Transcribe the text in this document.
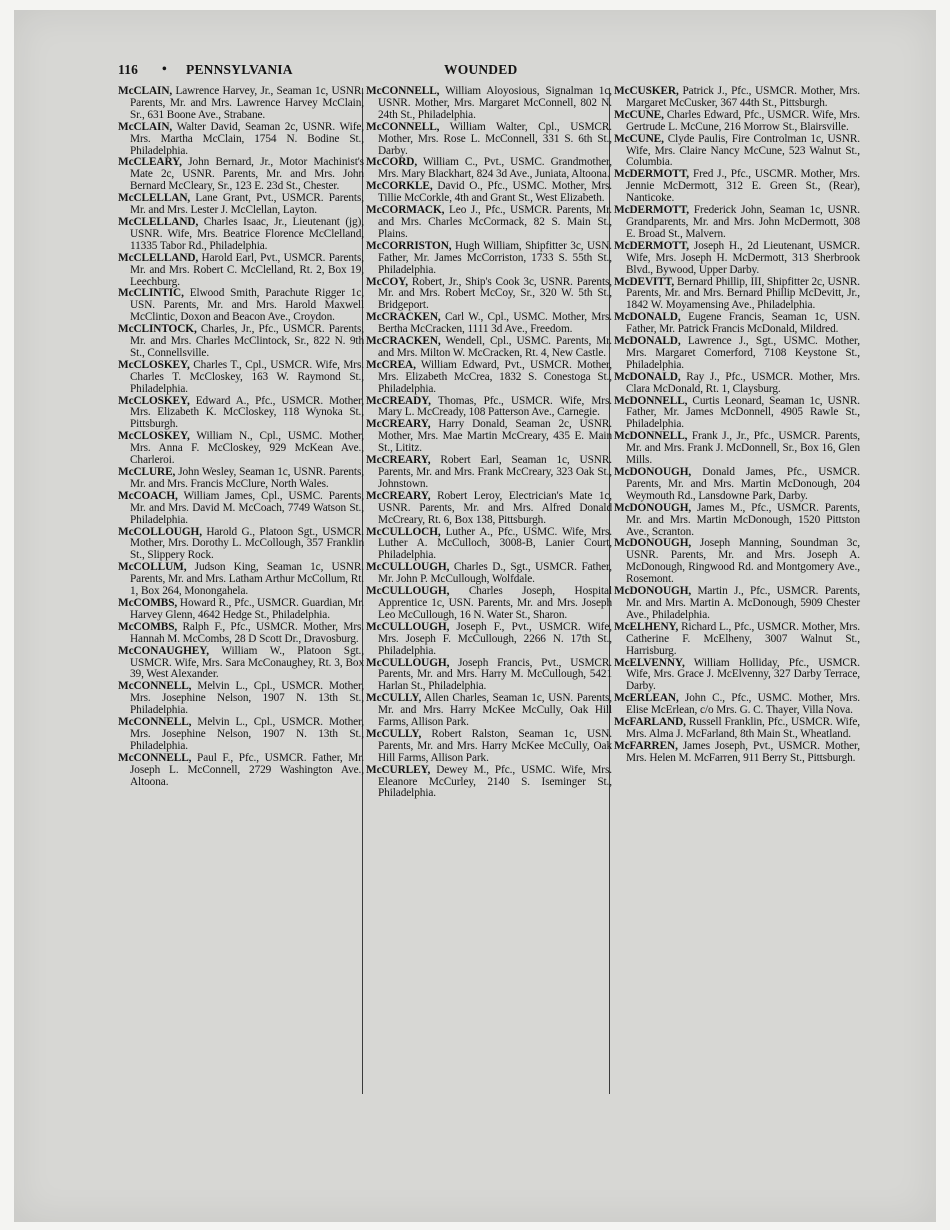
116 • PENNSYLVANIA	WOUNDED

McCLAIN, Lawrence Harvey, Jr., Seaman 1c, USNR. Parents, Mr. and Mrs. Lawrence Harvey McClain, Sr., 631 Boone Ave., Strabane.

McCLAIN, Walter David, Seaman 2c, USNR. Wife, Mrs. Martha McClain, 1754 N. Bodine St., Philadelphia.

McCLEARY, John Bernard, Jr., Motor Machinist's Mate 2c, USNR. Parents, Mr. and Mrs. John Bernard McCleary, Sr., 123 E. 23d St., Chester.

McCLELLAN, Lane Grant, Pvt., USMCR. Parents, Mr. and Mrs. Lester J. McClellan, Layton.

McCLELLAND, Charles Isaac, Jr., Lieutenant (jg), USNR. Wife, Mrs. Beatrice Florence McClelland, 11335 Tabor Rd., Philadelphia.

McCLELLAND, Harold Earl, Pvt., USMCR. Parents, Mr. and Mrs. Robert C. McClelland, Rt. 2, Box 19, Leechburg.

McCLINTIC, Elwood Smith, Parachute Rigger 1c, USN. Parents, Mr. and Mrs. Harold Maxwell McClintic, Doxon and Beacon Ave., Croydon.

McCLINTOCK, Charles, Jr., Pfc., USMCR. Parents, Mr. and Mrs. Charles McClintock, Sr., 822 N. 9th St., Connellsville.

McCLOSKEY, Charles T., Cpl., USMCR. Wife, Mrs. Charles T. McCloskey, 163 W. Raymond St., Philadelphia.

McCLOSKEY, Edward A., Pfc., USMCR. Mother, Mrs. Elizabeth K. McCloskey, 118 Wynoka St., Pittsburgh.

McCLOSKEY, William N., Cpl., USMC. Mother, Mrs. Anna F. McCloskey, 929 McKean Ave., Charleroi.

McCLURE, John Wesley, Seaman 1c, USNR. Parents, Mr. and Mrs. Francis McClure, North Wales.

McCOACH, William James, Cpl., USMC. Parents, Mr. and Mrs. David M. McCoach, 7749 Watson St., Philadelphia.

McCOLLOUGH, Harold G., Platoon Sgt., USMCR. Mother, Mrs. Dorothy L. McCollough, 357 Franklin St., Slippery Rock.

McCOLLUM, Judson King, Seaman 1c, USNR. Parents, Mr. and Mrs. Latham Arthur McCollum, Rt. 1, Box 264, Monongahela.

McCOMBS, Howard R., Pfc., USMCR. Guardian, Mr. Harvey Glenn, 4642 Hedge St., Philadelphia.

McCOMBS, Ralph F., Pfc., USMCR. Mother, Mrs. Hannah M. McCombs, 28 D Scott Dr., Dravosburg.

McCONAUGHEY, William W., Platoon Sgt., USMCR. Wife, Mrs. Sara McConaughey, Rt. 3, Box 39, West Alexander.

McCONNELL, Melvin L., Cpl., USMCR. Mother, Mrs. Josephine Nelson, 1907 N. 13th St., Philadelphia.

McCONNELL, Melvin L., Cpl., USMCR. Mother, Mrs. Josephine Nelson, 1907 N. 13th St., Philadelphia.

McCONNELL, Paul F., Pfc., USMCR. Father, Mr. Joseph L. McConnell, 2729 Washington Ave., Altoona.

McCONNELL, William Aloyosious, Signalman 1c, USNR. Mother, Mrs. Margaret McConnell, 802 N. 24th St., Philadelphia.

McCONNELL, William Walter, Cpl., USMCR. Mother, Mrs. Rose L. McConnell, 331 S. 6th St., Darby.

McCORD, William C., Pvt., USMC. Grandmother, Mrs. Mary Blackhart, 824 3d Ave., Juniata, Altoona.

McCORKLE, David O., Pfc., USMC. Mother, Mrs. Tillie McCorkle, 4th and Grant St., West Elizabeth.

McCORMACK, Leo J., Pfc., USMCR. Parents, Mr. and Mrs. Charles McCormack, 82 S. Main St., Plains.

McCORRISTON, Hugh William, Shipfitter 3c, USN. Father, Mr. James McCorriston, 1733 S. 55th St., Philadelphia.

McCOY, Robert, Jr., Ship's Cook 3c, USNR. Parents, Mr. and Mrs. Robert McCoy, Sr., 320 W. 5th St., Bridgeport.

McCRACKEN, Carl W., Cpl., USMC. Mother, Mrs. Bertha McCracken, 1111 3d Ave., Freedom.

McCRACKEN, Wendell, Cpl., USMC. Parents, Mr. and Mrs. Milton W. McCracken, Rt. 4, New Castle.

McCREA, William Edward, Pvt., USMCR. Mother, Mrs. Elizabeth McCrea, 1832 S. Conestoga St., Philadelphia.

McCREADY, Thomas, Pfc., USMCR. Wife, Mrs. Mary L. McCready, 108 Patterson Ave., Carnegie.

McCREARY, Harry Donald, Seaman 2c, USNR. Mother, Mrs. Mae Martin McCreary, 435 E. Main St., Lititz.

McCREARY, Robert Earl, Seaman 1c, USNR. Parents, Mr. and Mrs. Frank McCreary, 323 Oak St., Johnstown.

McCREARY, Robert Leroy, Electrician's Mate 1c, USNR. Parents, Mr. and Mrs. Alfred Donald McCreary, Rt. 6, Box 138, Pittsburgh.

McCULLOCH, Luther A., Pfc., USMC. Wife, Mrs. Luther A. McCulloch, 3008-B, Lanier Court, Philadelphia.

McCULLOUGH, Charles D., Sgt., USMCR. Father, Mr. John P. McCullough, Wolfdale.

McCULLOUGH, Charles Joseph, Hospital Apprentice 1c, USN. Parents, Mr. and Mrs. Joseph Leo McCullough, 16 N. Water St., Sharon.

McCULLOUGH, Joseph F., Pvt., USMCR. Wife, Mrs. Joseph F. McCullough, 2266 N. 17th St., Philadelphia.

McCULLOUGH, Joseph Francis, Pvt., USMCR. Parents, Mr. and Mrs. Harry M. McCullough, 5421 Harlan St., Philadelphia.

McCULLY, Allen Charles, Seaman 1c, USN. Parents, Mr. and Mrs. Harry McKee McCully, Oak Hill Farms, Allison Park.

McCULLY, Robert Ralston, Seaman 1c, USN. Parents, Mr. and Mrs. Harry McKee McCully, Oak Hill Farms, Allison Park.

McCURLEY, Dewey M., Pfc., USMC. Wife, Mrs. Eleanore McCurley, 2140 S. Iseminger St., Philadelphia.

McCUSKER, Patrick J., Pfc., USMCR. Mother, Mrs. Margaret McCusker, 367 44th St., Pittsburgh.

McCUNE, Charles Edward, Pfc., USMCR. Wife, Mrs. Gertrude L. McCune, 216 Morrow St., Blairsville.

McCUNE, Clyde Paulis, Fire Controlman 1c, USNR. Wife, Mrs. Claire Nancy McCune, 523 Walnut St., Columbia.

McDERMOTT, Fred J., Pfc., USCMR. Mother, Mrs. Jennie McDermott, 312 E. Green St., (Rear), Nanticoke.

McDERMOTT, Frederick John, Seaman 1c, USNR. Grandparents, Mr. and Mrs. John McDermott, 308 E. Broad St., Malvern.

McDERMOTT, Joseph H., 2d Lieutenant, USMCR. Wife, Mrs. Joseph H. McDermott, 313 Sherbrook Blvd., Bywood, Upper Darby.

McDEVITT, Bernard Phillip, III, Shipfitter 2c, USNR. Parents, Mr. and Mrs. Bernard Phillip McDevitt, Jr., 1842 W. Moyamensing Ave., Philadelphia.

McDONALD, Eugene Francis, Seaman 1c, USN. Father, Mr. Patrick Francis McDonald, Mildred.

McDONALD, Lawrence J., Sgt., USMC. Mother, Mrs. Margaret Comerford, 7108 Keystone St., Philadelphia.

McDONALD, Ray J., Pfc., USMCR. Mother, Mrs. Clara McDonald, Rt. 1, Claysburg.

McDONNELL, Curtis Leonard, Seaman 1c, USNR. Father, Mr. James McDonnell, 4905 Rawle St., Philadelphia.

McDONNELL, Frank J., Jr., Pfc., USMCR. Parents, Mr. and Mrs. Frank J. McDonnell, Sr., Box 16, Glen Mills.

McDONOUGH, Donald James, Pfc., USMCR. Parents, Mr. and Mrs. Martin McDonough, 204 Weymouth Rd., Lansdowne Park, Darby.

McDONOUGH, James M., Pfc., USMCR. Parents, Mr. and Mrs. Martin McDonough, 1520 Pittston Ave., Scranton.

McDONOUGH, Joseph Manning, Soundman 3c, USNR. Parents, Mr. and Mrs. Joseph A. McDonough, Ringwood Rd. and Montgomery Ave., Rosemont.

McDONOUGH, Martin J., Pfc., USMCR. Parents, Mr. and Mrs. Martin A. McDonough, 5909 Chester Ave., Philadelphia.

McELHENY, Richard L., Pfc., USMCR. Mother, Mrs. Catherine F. McElheny, 3007 Walnut St., Harrisburg.

McELVENNY, William Holliday, Pfc., USMCR. Wife, Mrs. Grace J. McElvenny, 327 Darby Terrace, Darby.

McERLEAN, John C., Pfc., USMC. Mother, Mrs. Elise McErlean, c/o Mrs. G. C. Thayer, Villa Nova.

McFARLAND, Russell Franklin, Pfc., USMCR. Wife, Mrs. Alma J. McFarland, 8th Main St., Wheatland.

McFARREN, James Joseph, Pvt., USMCR. Mother, Mrs. Helen M. McFarren, 911 Berry St., Pittsburgh.
